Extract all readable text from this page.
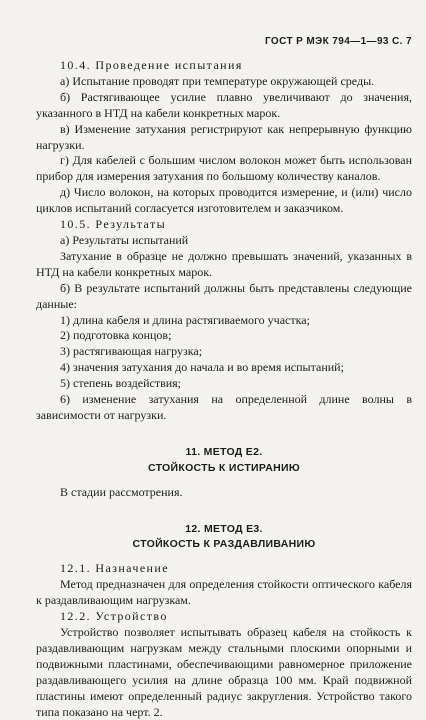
ГОСТ Р МЭК 794—1—93 С. 7

10.4. Проведение испытания

а) Испытание проводят при температуре окружающей среды.

б) Растягивающее усилие плавно увеличивают до значения, указанного в НТД на кабели конкретных марок.

в) Изменение затухания регистрируют как непрерывную функцию нагрузки.

г) Для кабелей с большим числом волокон может быть использован прибор для измерения затухания по большому количеству каналов.

д) Число волокон, на которых проводится измерение, и (или) число циклов испытаний согласуется изготовителем и заказчиком.

10.5. Результаты

а) Результаты испытаний

Затухание в образце не должно превышать значений, указанных в НТД на кабели конкретных марок.

б) В результате испытаний должны быть представлены следующие данные:

1) длина кабеля и длина растягиваемого участка;

2) подготовка концов;

3) растягивающая нагрузка;

4) значения затухания до начала и во время испытаний;

5) степень воздействия;

6) изменение затухания на определенной длине волны в зависимости от нагрузки.

11. МЕТОД Е2.

СТОЙКОСТЬ К ИСТИРАНИЮ

В стадии рассмотрения.

12. МЕТОД Е3.

СТОЙКОСТЬ К РАЗДАВЛИВАНИЮ

12.1. Назначение

Метод предназначен для определения стойкости оптического кабеля к раздавливающим нагрузкам.

12.2. Устройство

Устройство позволяет испытывать образец кабеля на стойкость к раздавливающим нагрузкам между стальными плоскими опорными и подвижными пластинами, обеспечивающими равномерное приложение раздавливающего усилия на длине образца 100 мм. Край подвижной пластины имеют определенный радиус закругления. Устройство такого типа показано на черт. 2.
